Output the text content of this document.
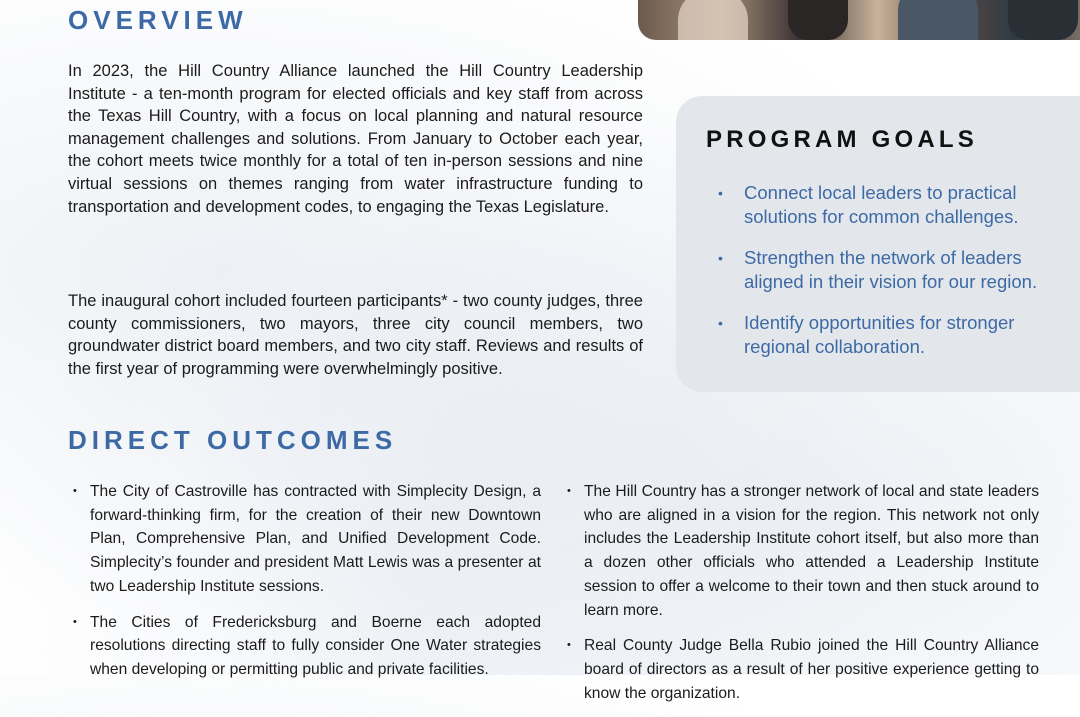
OVERVIEW

In 2023, the Hill Country Alliance launched the Hill Country Leadership Institute - a ten-month program for elected officials and key staff from across the Texas Hill Country, with a focus on local planning and natural resource management challenges and solutions. From January to October each year, the cohort meets twice monthly for a total of ten in-person sessions and nine virtual sessions on themes ranging from water infrastructure funding to transportation and development codes, to engaging the Texas Legislature.

The inaugural cohort included fourteen participants* - two county judges, three county commissioners, two mayors, three city council members, two groundwater district board members, and two city staff. Reviews and results of the first year of programming were overwhelmingly positive.

PROGRAM GOALS
• Connect local leaders to practical solutions for common challenges.
• Strengthen the network of leaders aligned in their vision for our region.
• Identify opportunities for stronger regional collaboration.
DIRECT OUTCOMES
• The City of Castroville has contracted with Simplecity Design, a forward-thinking firm, for the creation of their new Downtown Plan, Comprehensive Plan, and Unified Development Code. Simplecity’s founder and president Matt Lewis was a presenter at two Leadership Institute sessions.
• The Cities of Fredericksburg and Boerne each adopted resolutions directing staff to fully consider One Water strategies when developing or permitting public and private facilities.
• The Hill Country has a stronger network of local and state leaders who are aligned in a vision for the region. This network not only includes the Leadership Institute cohort itself, but also more than a dozen other officials who attended a Leadership Institute session to offer a welcome to their town and then stuck around to learn more.
• Real County Judge Bella Rubio joined the Hill Country Alliance board of directors as a result of her positive experience getting to know the organization.
